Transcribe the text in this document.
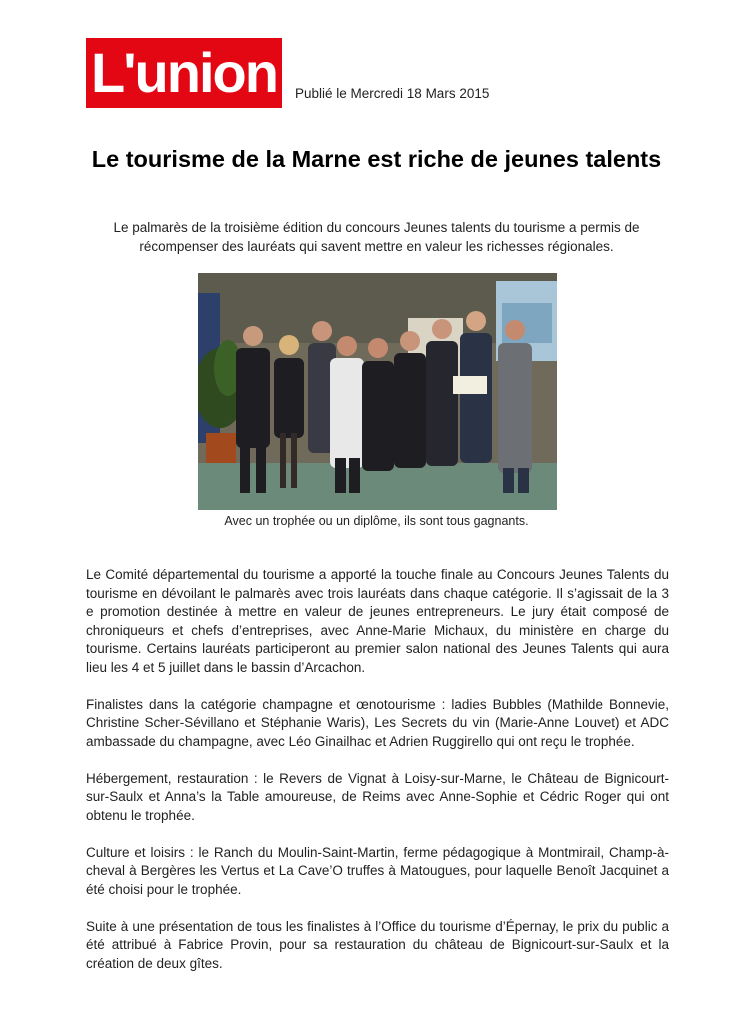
L'union	Publié le Mercredi 18 Mars 2015
Le tourisme de la Marne est riche de jeunes talents
Le palmarès de la troisième édition du concours Jeunes talents du tourisme a permis de récompenser des lauréats qui savent mettre en valeur les richesses régionales.
Avec un trophée ou un diplôme, ils sont tous gagnants.

Le Comité départemental du tourisme a apporté la touche finale au Concours Jeunes Talents du tourisme en dévoilant le palmarès avec trois lauréats dans chaque catégorie. Il s’agissait de la 3 e promotion destinée à mettre en valeur de jeunes entrepreneurs. Le jury était composé de chroniqueurs et chefs d’entreprises, avec Anne-Marie Michaux, du ministère en charge du tourisme. Certains lauréats participeront au premier salon national des Jeunes Talents qui aura lieu les 4 et 5 juillet dans le bassin d’Arcachon.

Finalistes dans la catégorie champagne et œnotourisme : ladies Bubbles (Mathilde Bonnevie, Christine Scher-Sévillano et Stéphanie Waris), Les Secrets du vin (Marie-Anne Louvet) et ADC ambassade du champagne, avec Léo Ginailhac et Adrien Ruggirello qui ont reçu le trophée.

Hébergement, restauration : le Revers de Vignat à Loisy-sur-Marne, le Château de Bignicourt-sur-Saulx et Anna’s la Table amoureuse, de Reims avec Anne-Sophie et Cédric Roger qui ont obtenu le trophée.

Culture et loisirs : le Ranch du Moulin-Saint-Martin, ferme pédagogique à Montmirail, Champ-à-cheval à Bergères les Vertus et La Cave’O truffes à Matougues, pour laquelle Benoît Jacquinet a été choisi pour le trophée.

Suite à une présentation de tous les finalistes à l’Office du tourisme d’Épernay, le prix du public a été attribué à Fabrice Provin, pour sa restauration du château de Bignicourt-sur-Saulx et la création de deux gîtes.
